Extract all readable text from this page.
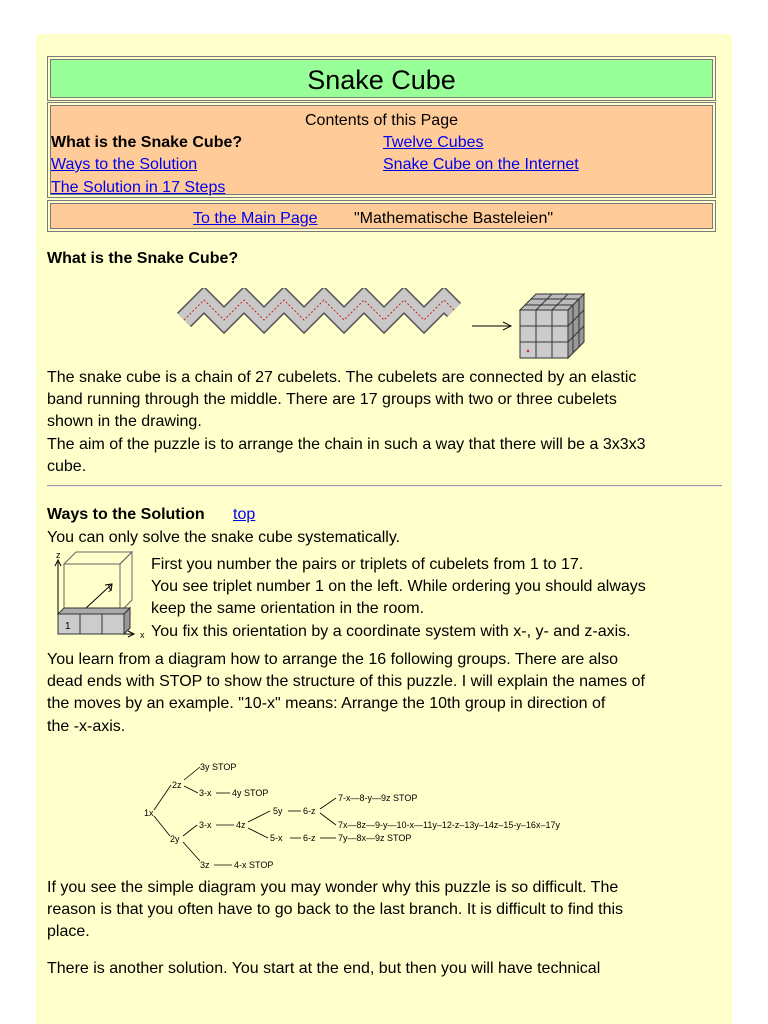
Snake Cube
Contents of this Page
What is the Snake Cube?	Twelve Cubes
Ways to the Solution	Snake Cube on the Internet
The Solution in 17 Steps
To the Main Page "Mathematische Basteleien"
What is the Snake Cube?
The snake cube is a chain of 27 cubelets. The cubelets are connected by an elastic
band running through the middle. There are 17 groups with two or three cubelets
shown in the drawing.
The aim of the puzzle is to arrange the chain in such a way that there will be a 3x3x3
cube.
Ways to the Solution top
You can only solve the snake cube systematically.
z
x
y
1
First you number the pairs or triplets of cubelets from 1 to 17.
You see triplet number 1 on the left. While ordering you should always
keep the same orientation in the room.
You fix this orientation by a coordinate system with x-, y- and z-axis.
You learn from a diagram how to arrange the 16 following groups. There are also
dead ends with STOP to show the structure of this puzzle. I will explain the names of
the moves by an example. "10-x" means: Arrange the 10th group in direction of
the -x-axis.
1x
2z
2y
3y STOP
3-x 4y STOP
3-x	4z
5y 6-z
7-x—8-y—9z STOP
7x—8z—9-y—10-x—11y–12-z–13y–14z–15-y–16x–17y
5-x 6-z 7y—8x—9z STOP
3z	4-x STOP
If you see the simple diagram you may wonder why this puzzle is so difficult. The
reason is that you often have to go back to the last branch. It is difficult to find this
place.
There is another solution. You start at the end, but then you will have technical
